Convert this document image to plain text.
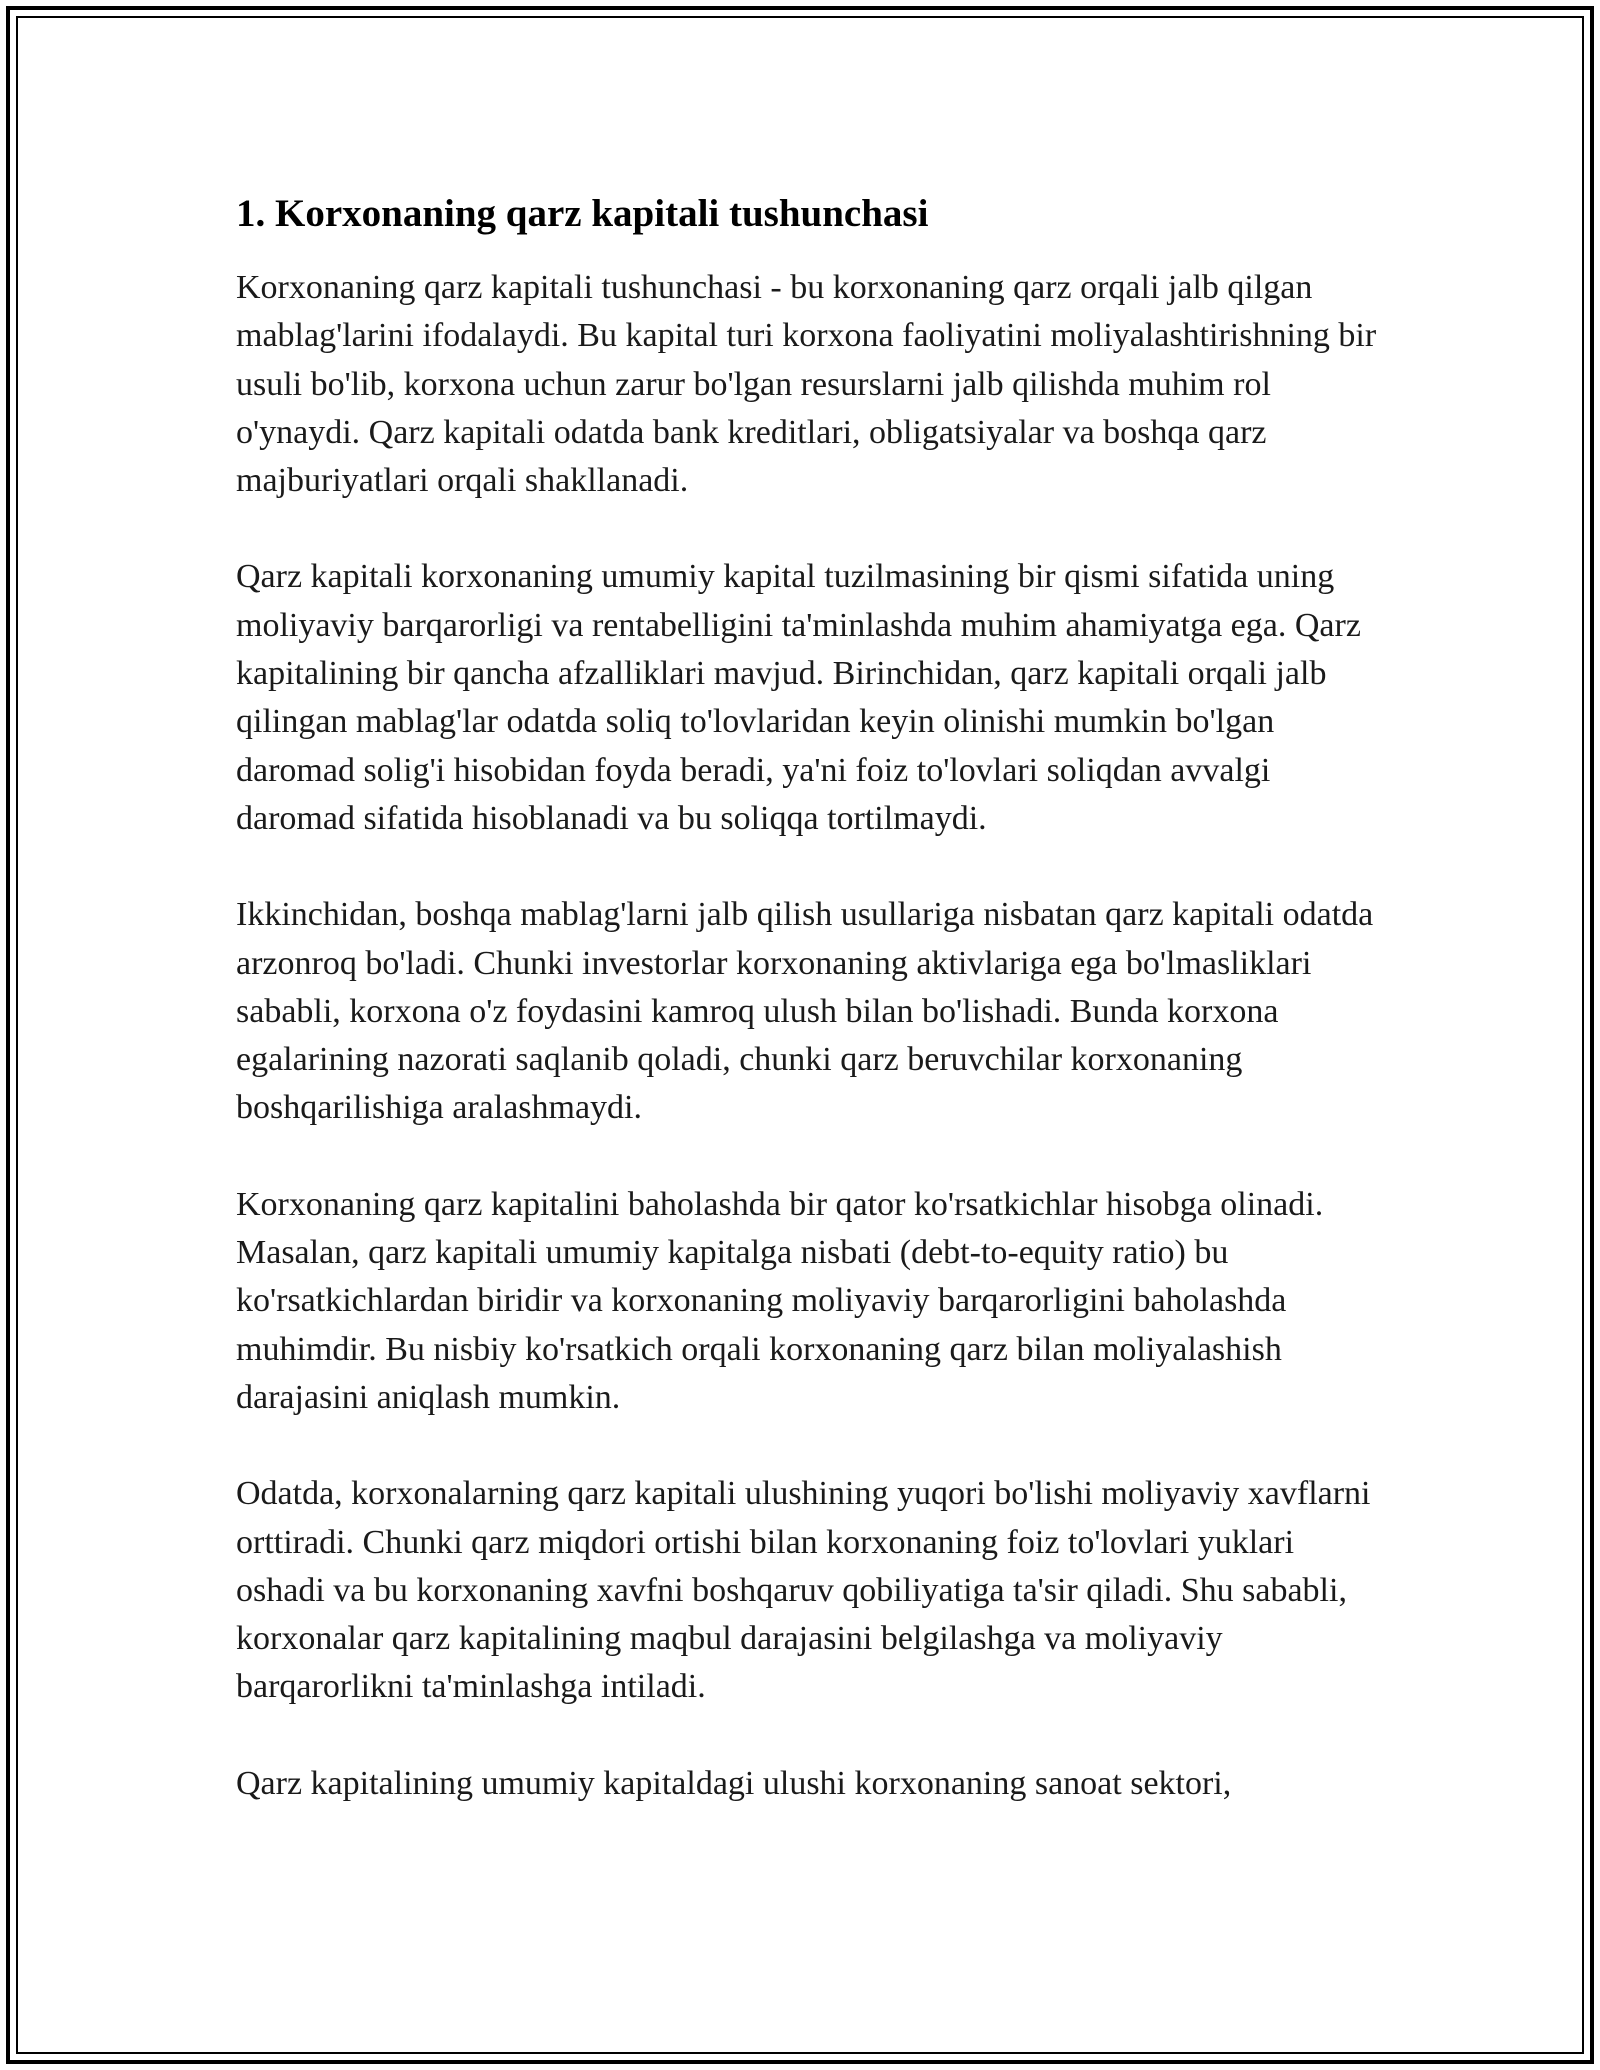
1. Korxonaning qarz kapitali tushunchasi

Korxonaning qarz kapitali tushunchasi - bu korxonaning qarz orqali jalb qilgan mablag'larini ifodalaydi. Bu kapital turi korxona faoliyatini moliyalashtirishning bir usuli bo'lib, korxona uchun zarur bo'lgan resurslarni jalb qilishda muhim rol o'ynaydi. Qarz kapitali odatda bank kreditlari, obligatsiyalar va boshqa qarz majburiyatlari orqali shakllanadi.

Qarz kapitali korxonaning umumiy kapital tuzilmasining bir qismi sifatida uning moliyaviy barqarorligi va rentabelligini ta'minlashda muhim ahamiyatga ega. Qarz kapitalining bir qancha afzalliklari mavjud. Birinchidan, qarz kapitali orqali jalb qilingan mablag'lar odatda soliq to'lovlaridan keyin olinishi mumkin bo'lgan daromad solig'i hisobidan foyda beradi, ya'ni foiz to'lovlari soliqdan avvalgi daromad sifatida hisoblanadi va bu soliqqa tortilmaydi.

Ikkinchidan, boshqa mablag'larni jalb qilish usullariga nisbatan qarz kapitali odatda arzonroq bo'ladi. Chunki investorlar korxonaning aktivlariga ega bo'lmasliklari sababli, korxona o'z foydasini kamroq ulush bilan bo'lishadi. Bunda korxona egalarining nazorati saqlanib qoladi, chunki qarz beruvchilar korxonaning boshqarilishiga aralashmaydi.

Korxonaning qarz kapitalini baholashda bir qator ko'rsatkichlar hisobga olinadi. Masalan, qarz kapitali umumiy kapitalga nisbati (debt-to-equity ratio) bu ko'rsatkichlardan biridir va korxonaning moliyaviy barqarorligini baholashda muhimdir. Bu nisbiy ko'rsatkich orqali korxonaning qarz bilan moliyalashish darajasini aniqlash mumkin.

Odatda, korxonalarning qarz kapitali ulushining yuqori bo'lishi moliyaviy xavflarni orttiradi. Chunki qarz miqdori ortishi bilan korxonaning foiz to'lovlari yuklari oshadi va bu korxonaning xavfni boshqaruv qobiliyatiga ta'sir qiladi. Shu sababli, korxonalar qarz kapitalining maqbul darajasini belgilashga va moliyaviy barqarorlikni ta'minlashga intiladi.

Qarz kapitalining umumiy kapitaldagi ulushi korxonaning sanoat sektori,
